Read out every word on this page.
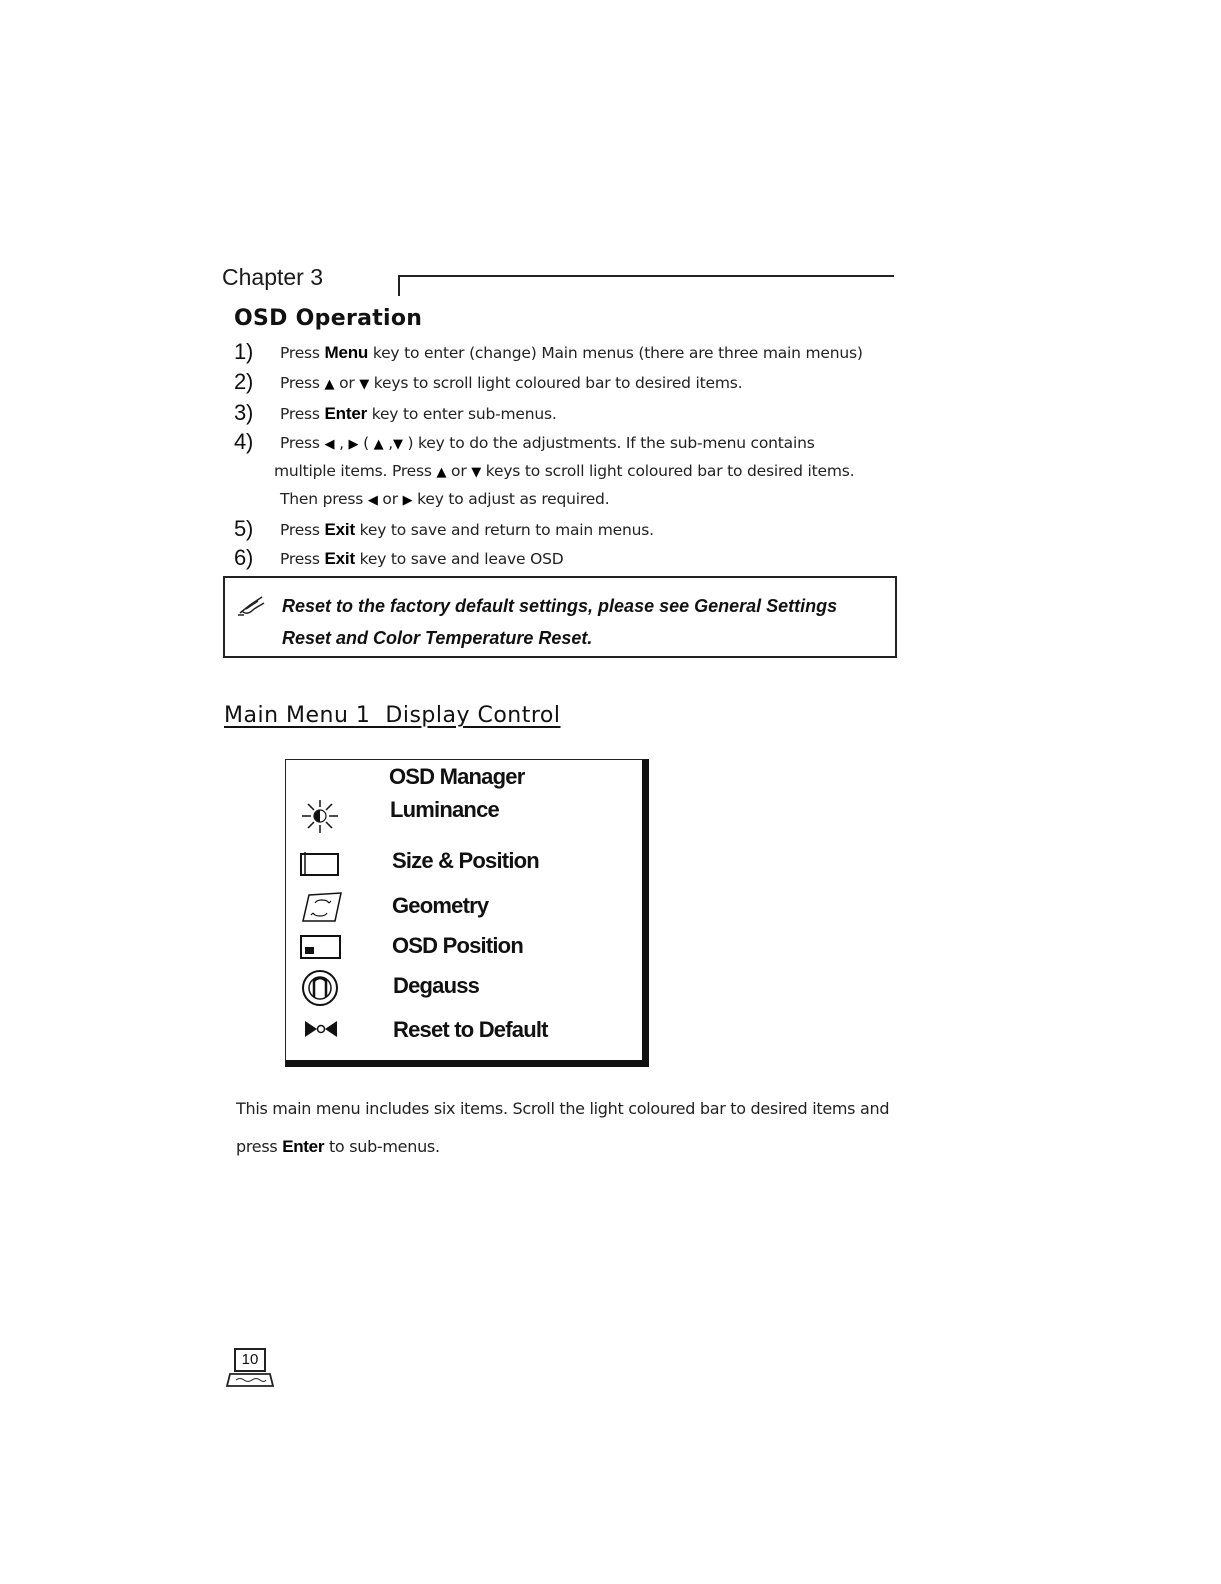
Chapter 3
OSD Operation
1) Press Menu key to enter (change) Main menus (there are three main menus)
2) Press ▲ or ▼ keys to scroll light coloured bar to desired items.
3) Press Enter key to enter sub-menus.
4) Press ◀ , ▶ ( ▲ ,▼ ) key to do the adjustments. If the sub-menu contains
multiple items. Press ▲ or ▼ keys to scroll light coloured bar to desired items.
Then press ◀ or ▶ key to adjust as required.
5) Press Exit key to save and return to main menus.
6) Press Exit key to save and leave OSD
Reset to the factory default settings, please see General Settings
Reset and Color Temperature Reset.
Main Menu 1  Display Control
OSD Manager
Luminance
Size & Position
Geometry
OSD Position
Degauss
Reset to Default
This main menu includes six items. Scroll the light coloured bar to desired items and
press Enter to sub-menus.
10
